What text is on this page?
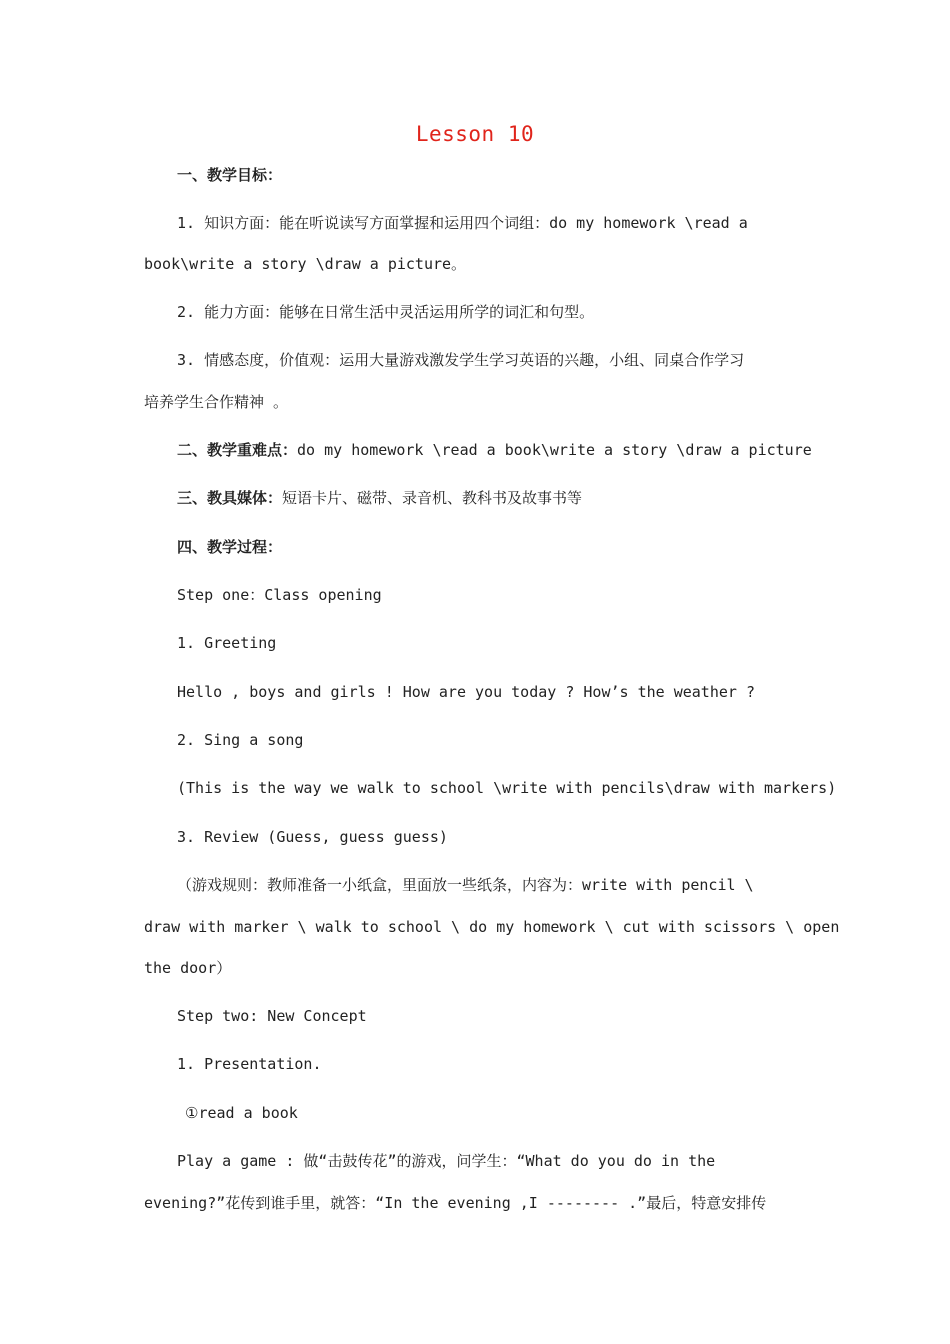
Lesson 10
一、教学目标：
1. 知识方面：能在听说读写方面掌握和运用四个词组：do my homework \read a
book\write a story \draw a picture。
2. 能力方面：能够在日常生活中灵活运用所学的词汇和句型。
3. 情感态度，价值观：运用大量游戏激发学生学习英语的兴趣，小组、同桌合作学习
培养学生合作精神 。
二、教学重难点：do my homework \read a book\write a story \draw a picture
三、教具媒体：短语卡片、磁带、录音机、教科书及故事书等
四、教学过程：
Step one：Class opening
1. Greeting
Hello , boys and girls ! How are you today ? How’s the weather ?
2. Sing a song
(This is the way we walk to school \write with pencils\draw with markers)
3. Review (Guess, guess guess)
（游戏规则：教师准备一小纸盒，里面放一些纸条，内容为：write with pencil \
draw with marker \ walk to school \ do my homework \ cut with scissors \ open
the door）
Step two: New Concept
1. Presentation.
①read a book
Play a game : 做“击鼓传花”的游戏，问学生：“What do you do in the
evening?”花传到谁手里，就答：“In the evening ,I -------- .”最后，特意安排传
